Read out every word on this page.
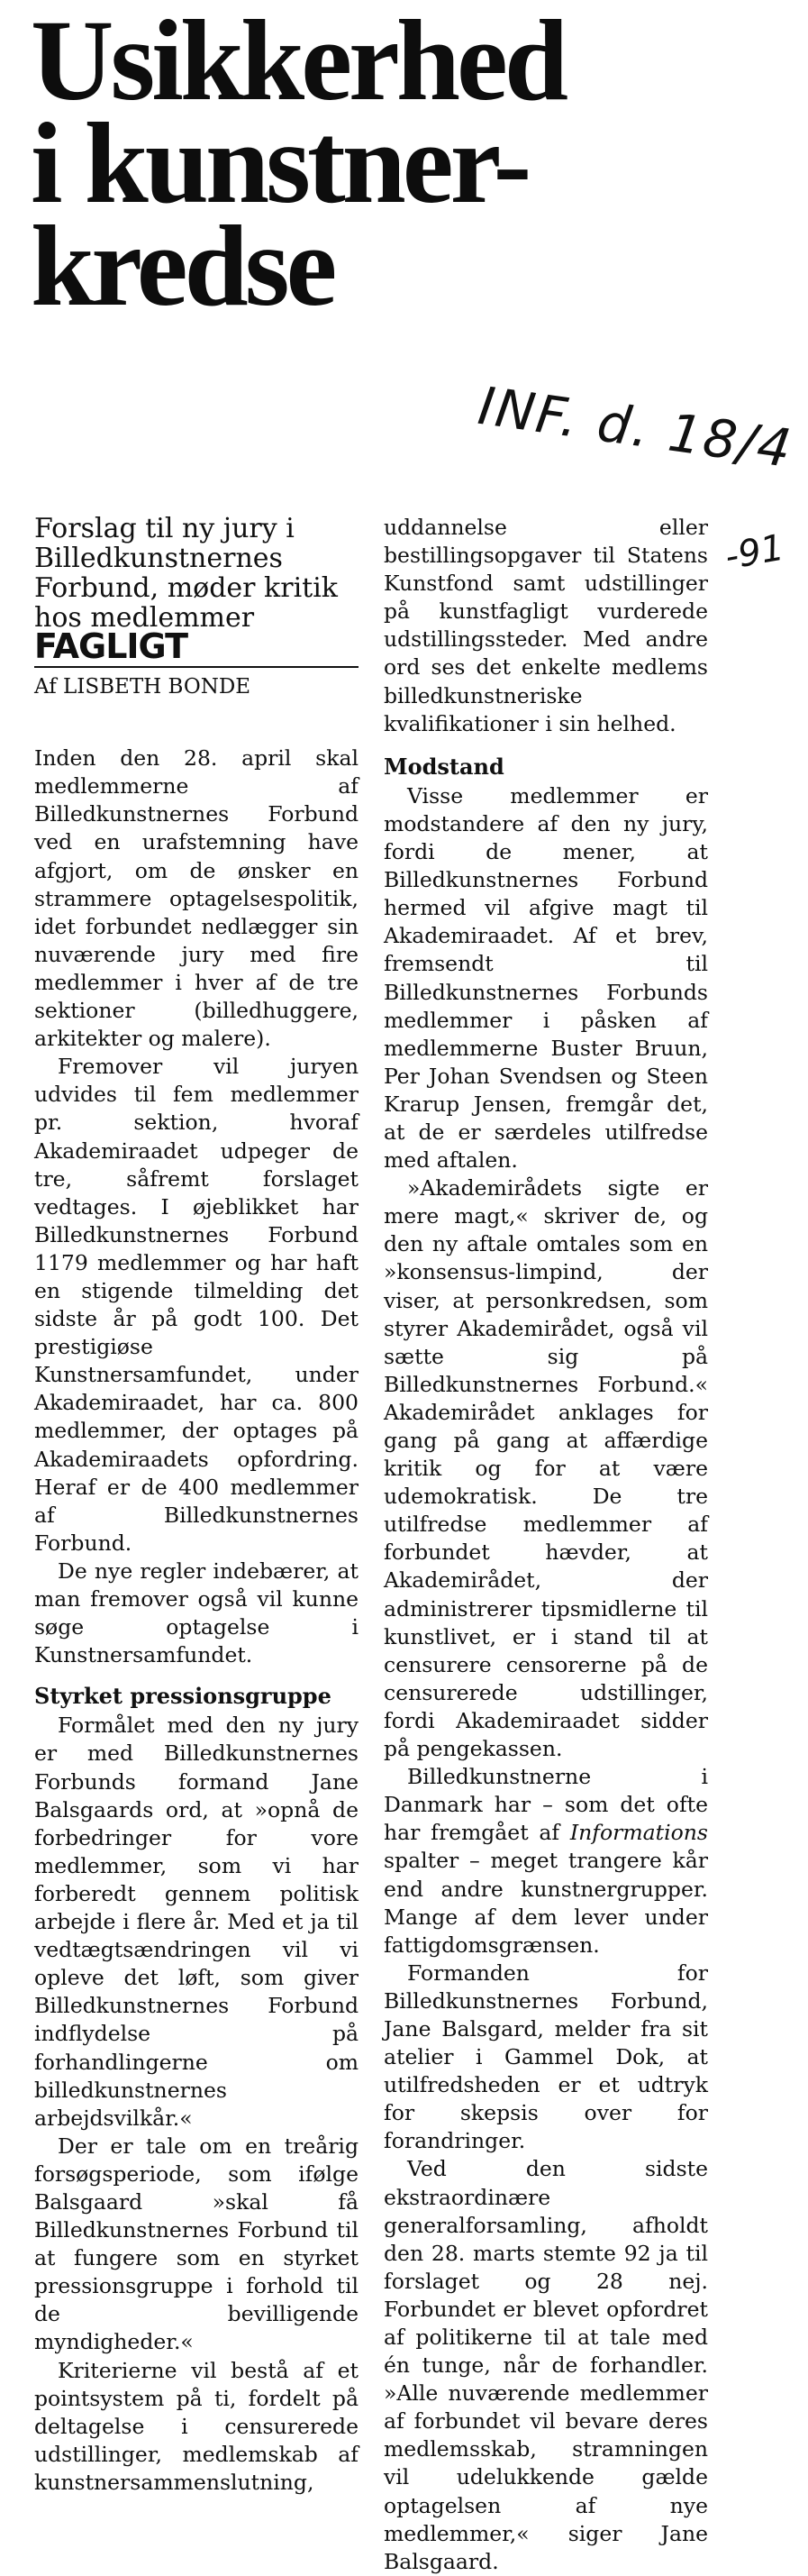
Usikkerhed
i kunstner-
kredse
INF. d. 18/4
-91

Forslag til ny jury i Billedkunstnernes Forbund, møder kritik hos medlemmer

FAGLIGT
Af LISBETH BONDE

Inden den 28. april skal medlemmerne af Billedkunstnernes Forbund ved en urafstemning have afgjort, om de ønsker en strammere optagelsespolitik, idet forbundet nedlægger sin nuværende jury med fire medlemmer i hver af de tre sektioner (billedhuggere, arkitekter og malere).

Fremover vil juryen udvides til fem medlemmer pr. sektion, hvoraf Akademiraadet udpeger de tre, såfremt forslaget vedtages. I øjeblikket har Billedkunstnernes Forbund 1179 medlemmer og har haft en stigende tilmelding det sidste år på godt 100. Det prestigiøse Kunstnersamfundet, under Akademiraadet, har ca. 800 medlemmer, der optages på Akademiraadets opfordring. Heraf er de 400 medlemmer af Billedkunstnernes Forbund.

De nye regler indebærer, at man fremover også vil kunne søge optagelse i Kunstnersamfundet.

Styrket pressionsgruppe

Formålet med den ny jury er med Billedkunstnernes Forbunds formand Jane Balsgaards ord, at »opnå de forbedringer for vore medlemmer, som vi har forberedt gennem politisk arbejde i flere år. Med et ja til vedtægtsændringen vil vi opleve det løft, som giver Billedkunstnernes Forbund indflydelse på forhandlingerne om billedkunstnernes arbejdsvilkår.«

Der er tale om en treårig forsøgsperiode, som ifølge Balsgaard »skal få Billedkunstnernes Forbund til at fungere som en styrket pressionsgruppe i forhold til de bevilligende myndigheder.«

Kriterierne vil bestå af et pointsystem på ti, fordelt på deltagelse i censurerede udstillinger, medlemskab af kunstnersammenslutning,

uddannelse eller bestillingsopgaver til Statens Kunstfond samt udstillinger på kunstfagligt vurderede udstillingssteder. Med andre ord ses det enkelte medlems billedkunstneriske kvalifikationer i sin helhed.

Modstand

Visse medlemmer er modstandere af den ny jury, fordi de mener, at Billedkunstnernes Forbund hermed vil afgive magt til Akademiraadet. Af et brev, fremsendt til Billedkunstnernes Forbunds medlemmer i påsken af medlemmerne Buster Bruun, Per Johan Svendsen og Steen Krarup Jensen, fremgår det, at de er særdeles utilfredse med aftalen.

»Akademirådets sigte er mere magt,« skriver de, og den ny aftale omtales som en »konsensus-limpind, der viser, at personkredsen, som styrer Akademirådet, også vil sætte sig på Billedkunstnernes Forbund.« Akademirådet anklages for gang på gang at affærdige kritik og for at være udemokratisk. De tre utilfredse medlemmer af forbundet hævder, at Akademirådet, der administrerer tipsmidlerne til kunstlivet, er i stand til at censurere censorerne på de censurerede udstillinger, fordi Akademiraadet sidder på pengekassen.

Billedkunstnerne i Danmark har – som det ofte har fremgået af Informations spalter – meget trangere kår end andre kunstnergrupper. Mange af dem lever under fattigdomsgrænsen.

Formanden for Billedkunstnernes Forbund, Jane Balsgard, melder fra sit atelier i Gammel Dok, at utilfredsheden er et udtryk for skepsis over for forandringer.

Ved den sidste ekstraordinære generalforsamling, afholdt den 28. marts stemte 92 ja til forslaget og 28 nej. Forbundet er blevet opfordret af politikerne til at tale med én tunge, når de forhandler. »Alle nuværende medlemmer af forbundet vil bevare deres medlemsskab, stramningen vil udelukkende gælde optagelsen af nye medlemmer,« siger Jane Balsgaard.
